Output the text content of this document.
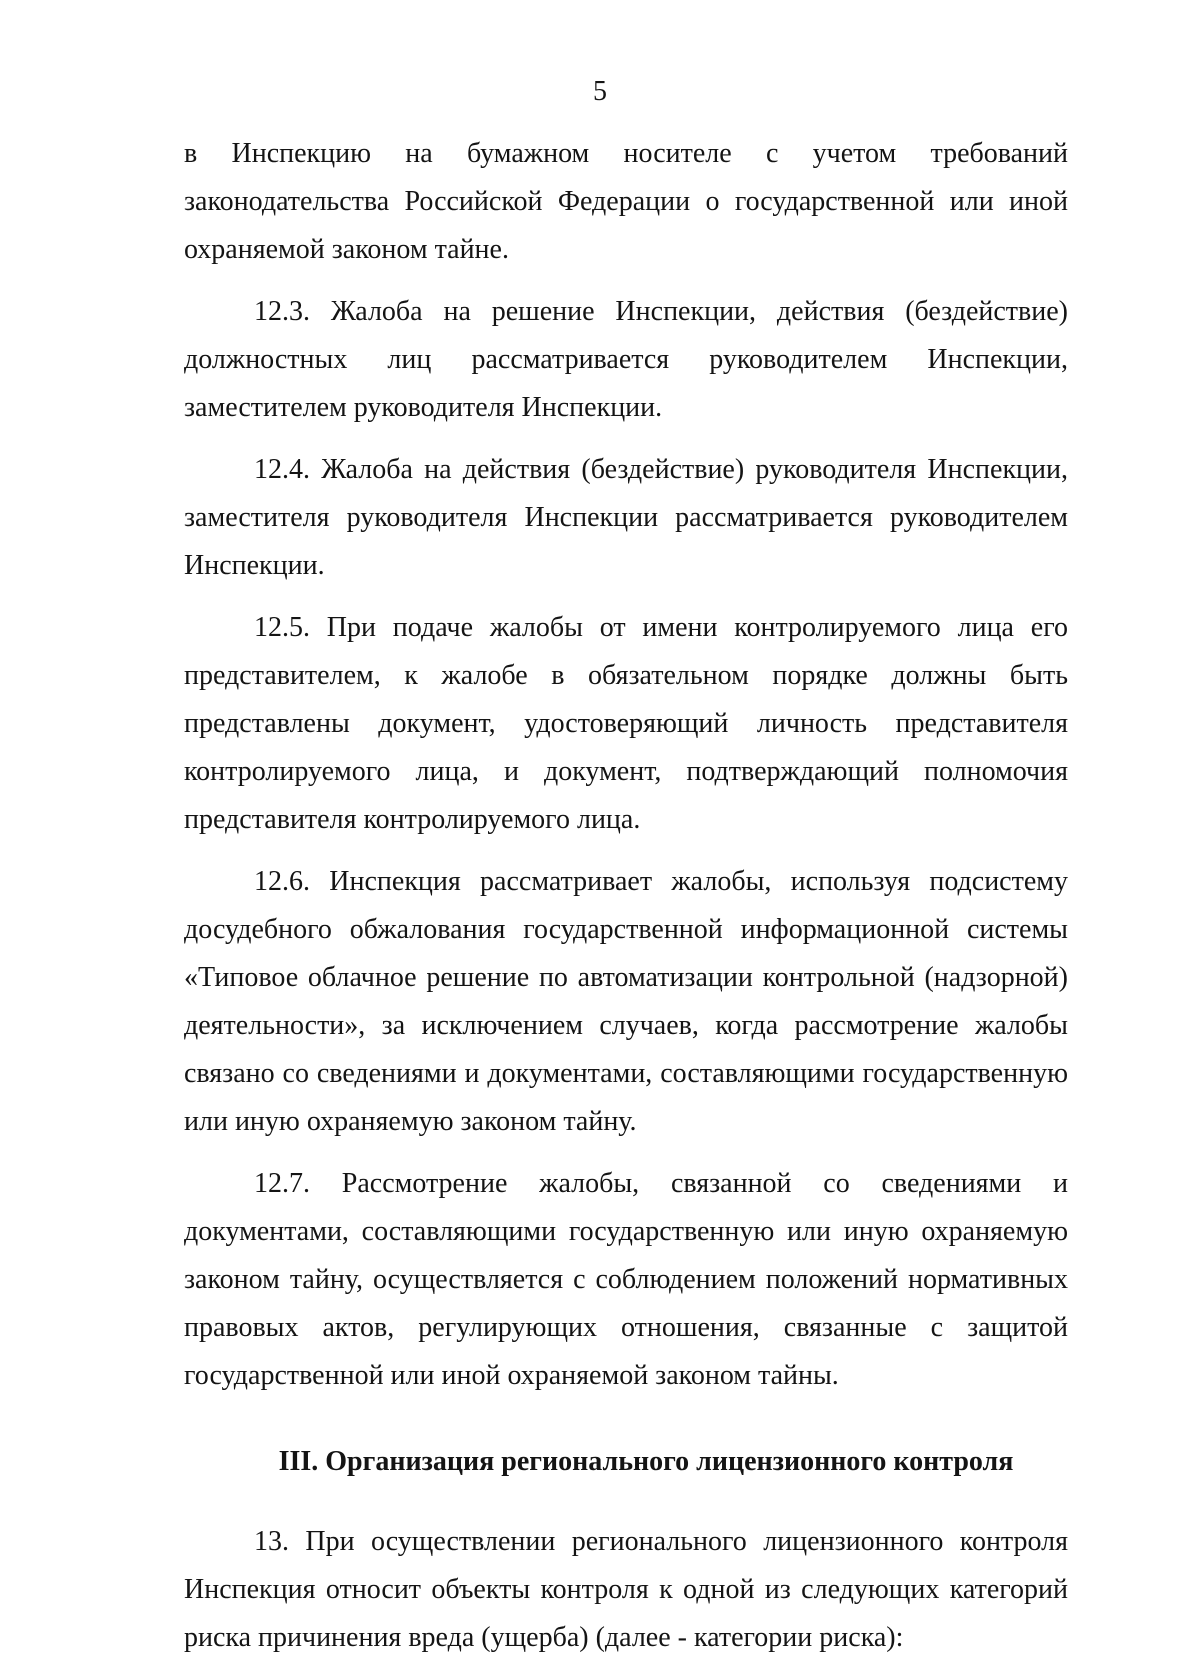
5

в Инспекцию на бумажном носителе с учетом требований законодательства Российской Федерации о государственной или иной охраняемой законом тайне.

12.3. Жалоба на решение Инспекции, действия (бездействие) должностных лиц рассматривается руководителем Инспекции, заместителем руководителя Инспекции.

12.4. Жалоба на действия (бездействие) руководителя Инспекции, заместителя руководителя Инспекции рассматривается руководителем Инспекции.

12.5. При подаче жалобы от имени контролируемого лица его представителем, к жалобе в обязательном порядке должны быть представлены документ, удостоверяющий личность представителя контролируемого лица, и документ, подтверждающий полномочия представителя контролируемого лица.

12.6. Инспекция рассматривает жалобы, используя подсистему досудебного обжалования государственной информационной системы «Типовое облачное решение по автоматизации контрольной (надзорной) деятельности», за исключением случаев, когда рассмотрение жалобы связано со сведениями и документами, составляющими государственную или иную охраняемую законом тайну.

12.7. Рассмотрение жалобы, связанной со сведениями и документами, составляющими государственную или иную охраняемую законом тайну, осуществляется с соблюдением положений нормативных правовых актов, регулирующих отношения, связанные с защитой государственной или иной охраняемой законом тайны.

III. Организация регионального лицензионного контроля

13. При осуществлении регионального лицензионного контроля Инспекция относит объекты контроля к одной из следующих категорий риска причинения вреда (ущерба) (далее - категории риска):
